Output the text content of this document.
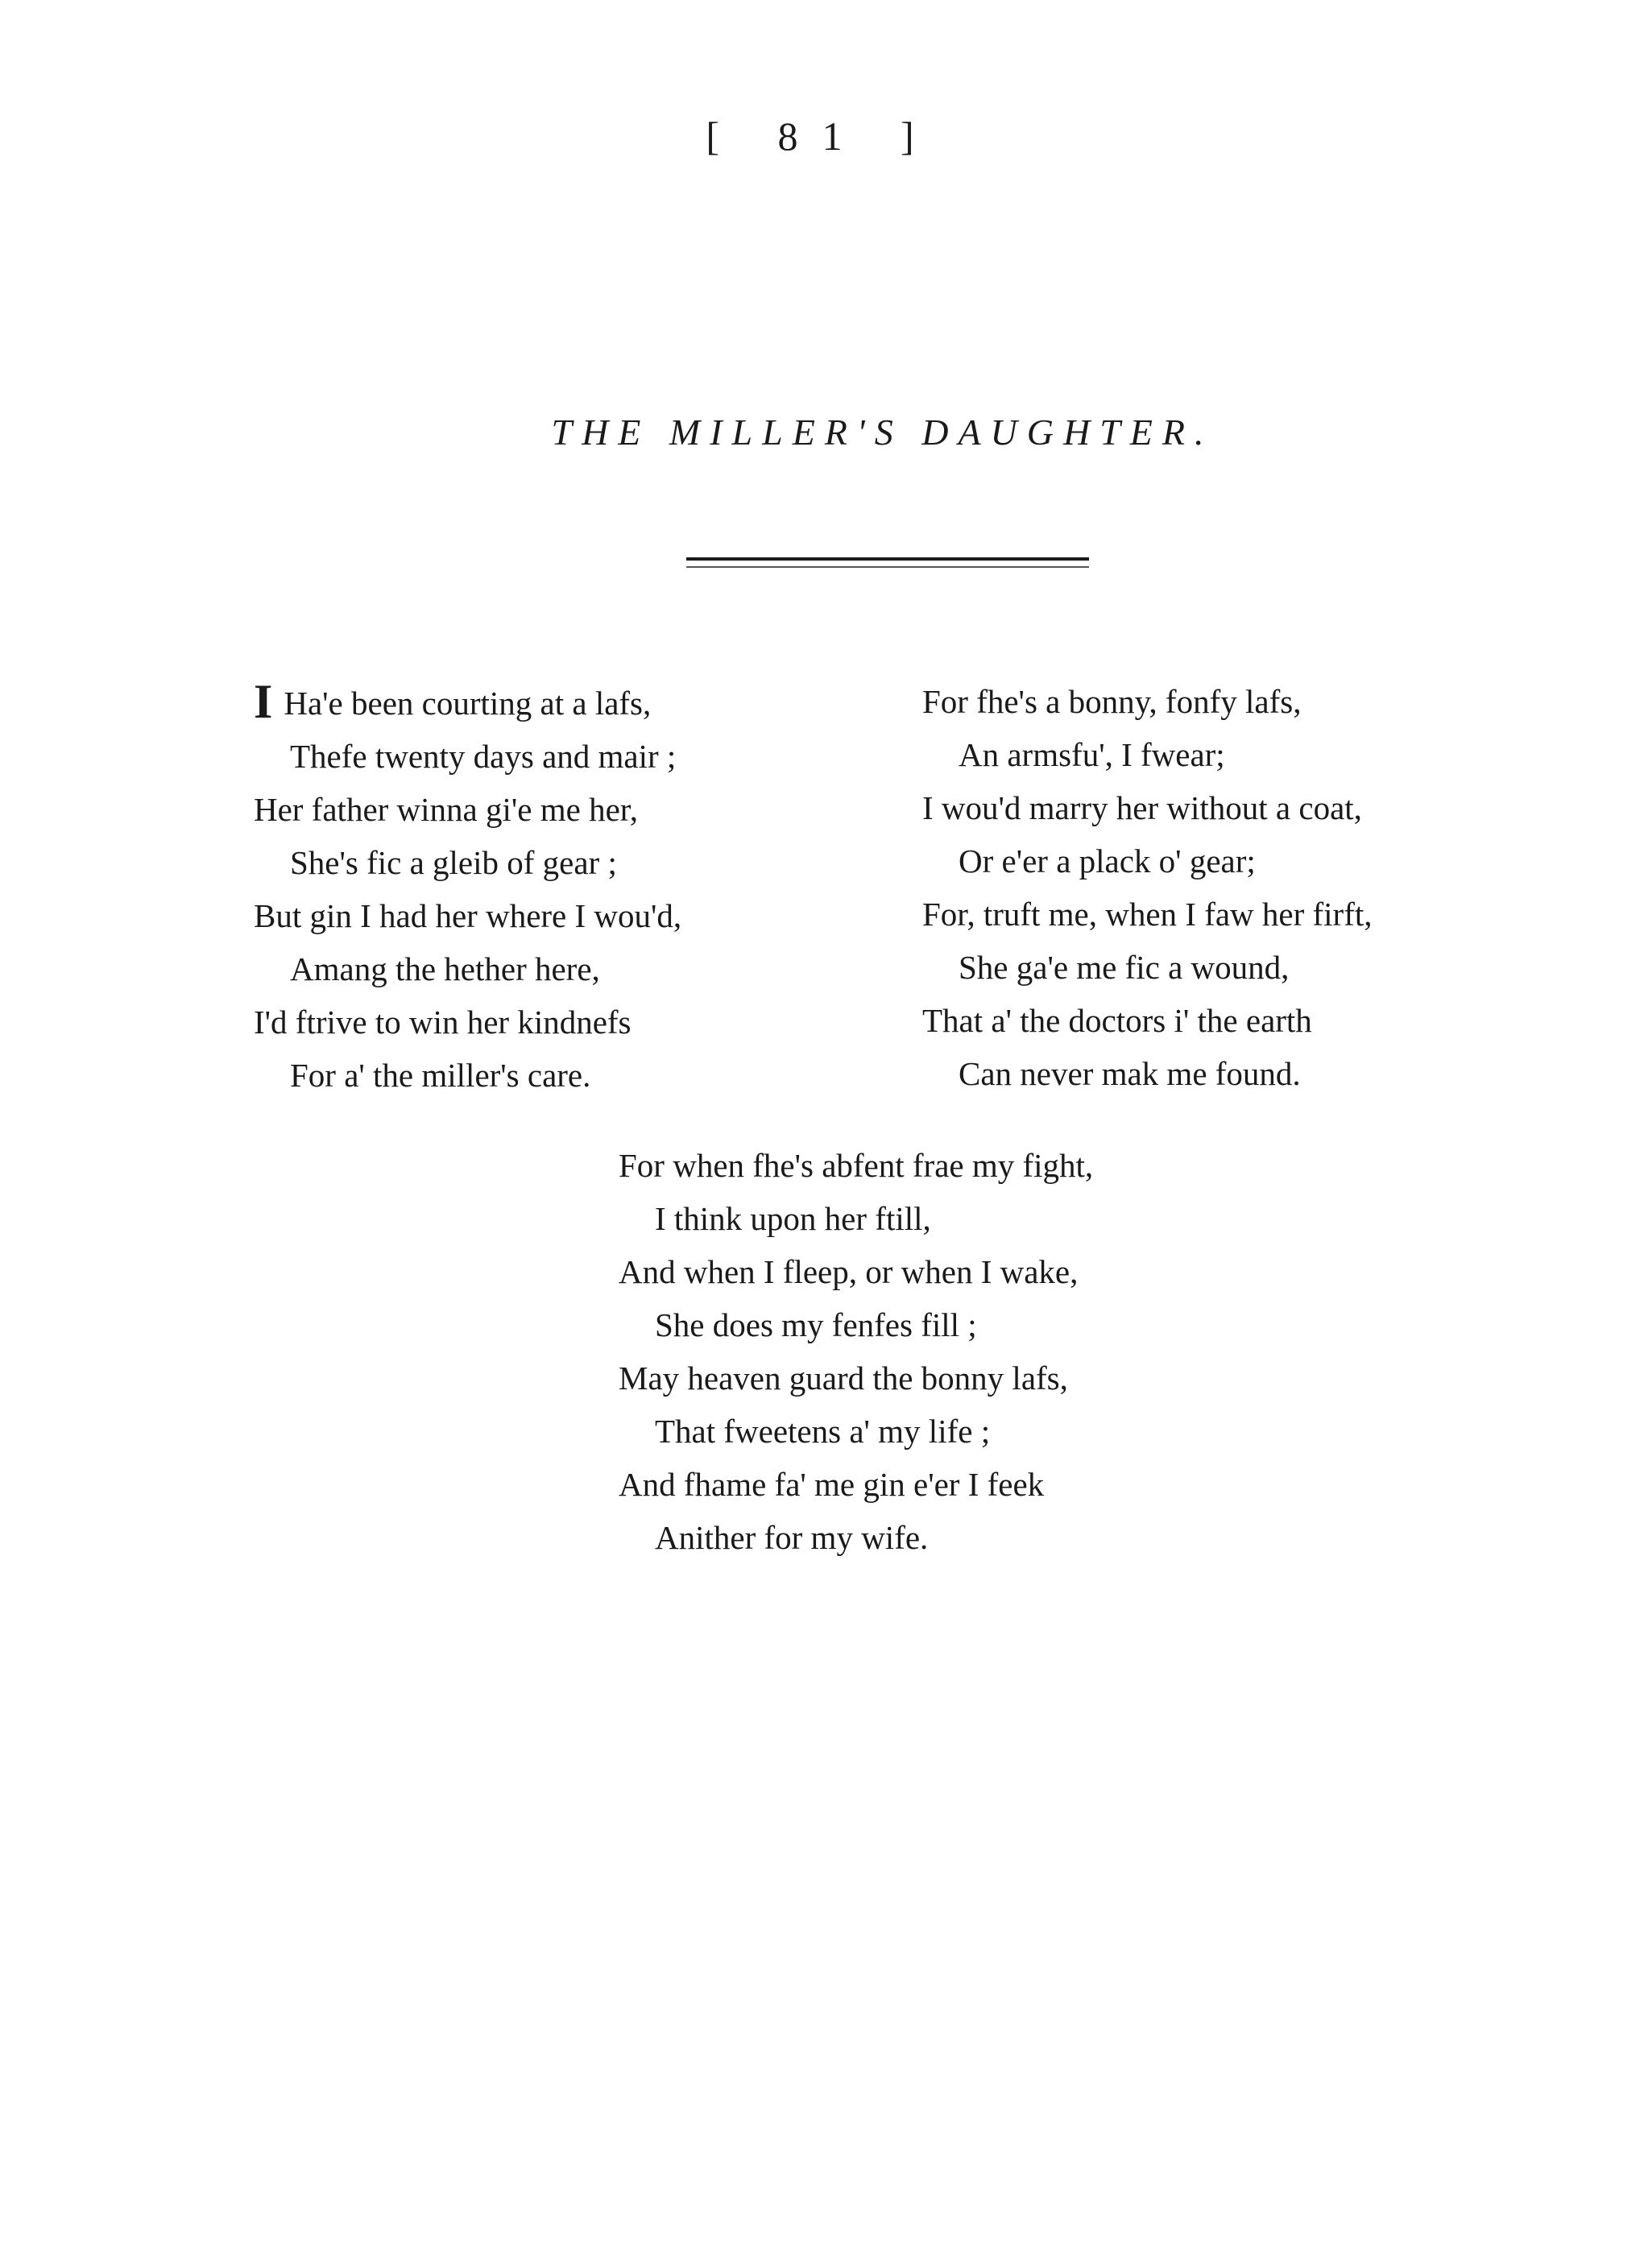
[ 81 ]
THE MILLER'S DAUGHTER.
I Ha'e been courting at a lafs,
Thefe twenty days and mair ;
Her father winna gi'e me her,
She's fic a gleib of gear ;
But gin I had her where I wou'd,
Amang the hether here,
I'd ftrive to win her kindnefs
For a' the miller's care.
For fhe's a bonny, fonfy lafs,
An armsfu', I fwear;
I wou'd marry her without a coat,
Or e'er a plack o' gear;
For, truft me, when I faw her firft,
She ga'e me fic a wound,
That a' the doctors i' the earth
Can never mak me found.
For when fhe's abfent frae my fight,
I think upon her ftill,
And when I fleep, or when I wake,
She does my fenfes fill ;
May heaven guard the bonny lafs,
That fweetens a' my life ;
And fhame fa' me gin e'er I feek
Anither for my wife.
